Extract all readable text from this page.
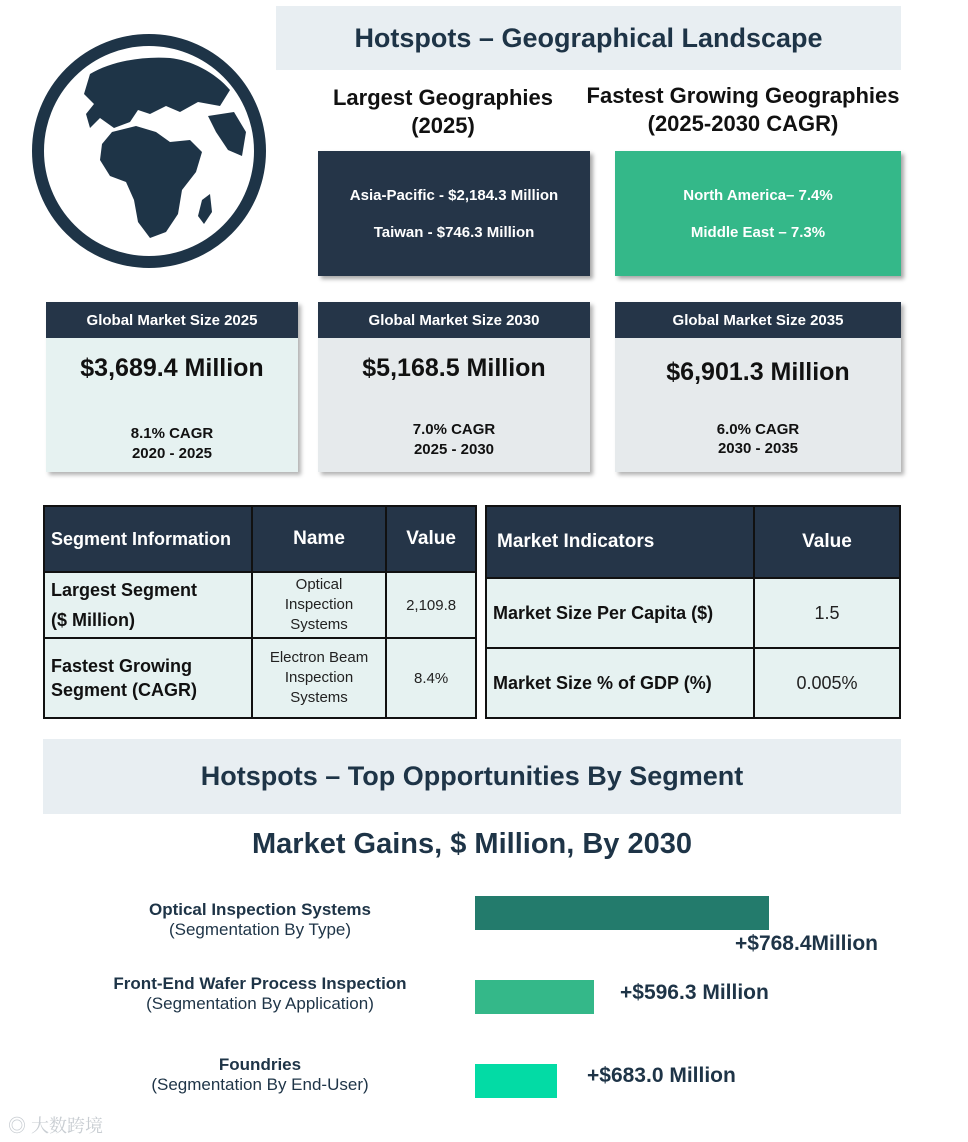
Hotspots – Geographical Landscape
Largest Geographies
(2025)
Fastest Growing Geographies
(2025-2030 CAGR)
Asia-Pacific - $2,184.3 Million
Taiwan - $746.3 Million
North America– 7.4%
Middle East – 7.3%
Global Market Size 2025
$3,689.4 Million
8.1% CAGR
2020 - 2025
Global Market Size 2030
$5,168.5 Million
7.0% CAGR
2025 - 2030
Global Market Size 2035
$6,901.3 Million
6.0% CAGR
2030 - 2035
Segment Information	Name	Value

Largest Segment
($ Million)	Optical Inspection Systems	2,109.8

Fastest Growing
Segment (CAGR)	Electron Beam Inspection Systems	8.4%
Market Indicators	Value
Market Size Per Capita ($)	1.5
Market Size % of GDP (%)	0.005%
Hotspots – Top Opportunities By Segment
Market Gains, $ Million, By 2030
Optical Inspection Systems
(Segmentation By Type)
+$768.4Million
Front-End Wafer Process Inspection
(Segmentation By Application)	+$596.3 Million
Foundries
(Segmentation By End-User)	+$683.0 Million
◎ 大数跨境
